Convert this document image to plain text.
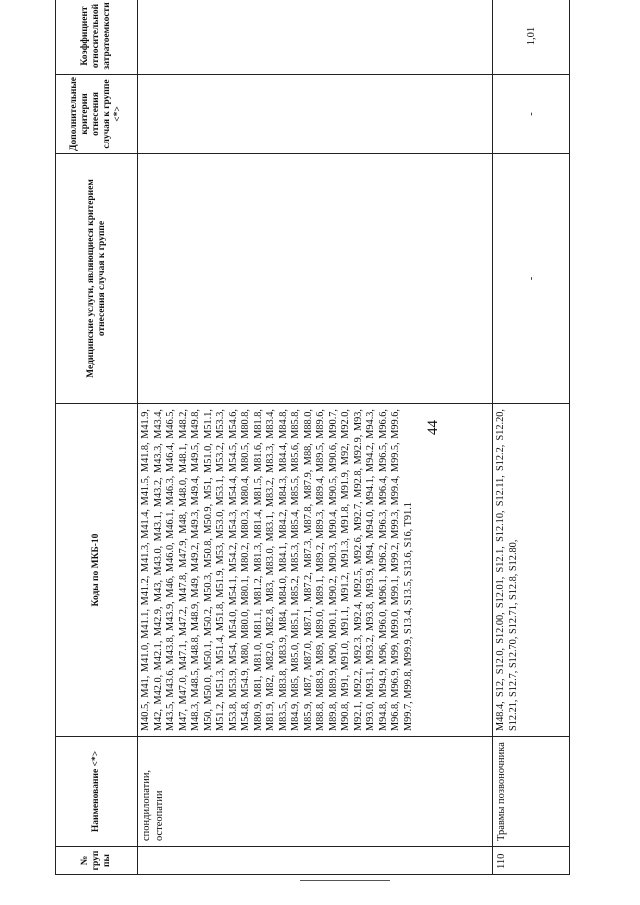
44
№ груп пы
Наименование <*>
Коды по МКБ-10
Медицинские услуги, являющиеся критерием отнесения случая к группе
Дополнительные критерии отнесения случая к группе <*>
Коэффициент относительной затратоемкости
спондилопатии, остеопатии
M40.5, M41, M41.0, M41.1, M41.2, M41.3, M41.4, M41.5, M41.8, M41.9, M42, M42.0, M42.1, M42.9, M43, M43.0, M43.1, M43.2, M43.3, M43.4, M43.5, M43.6, M43.8, M43.9, M46, M46.0, M46.1, M46.3, M46.4, M46.5, M47, M47.0, M47.1, M47.2, M47.8, M47.9, M48, M48.0, M48.1, M48.2, M48.3, M48.5, M48.8, M48.9, M49, M49.2, M49.3, M49.4, M49.5, M49.8, M50, M50.0, M50.1, M50.2, M50.3, M50.8, M50.9, M51, M51.0, M51.1, M51.2, M51.3, M51.4, M51.8, M51.9, M53, M53.0, M53.1, M53.2, M53.3, M53.8, M53.9, M54, M54.0, M54.1, M54.2, M54.3, M54.4, M54.5, M54.6, M54.8, M54.9, M80, M80.0, M80.1, M80.2, M80.3, M80.4, M80.5, M80.8, M80.9, M81, M81.0, M81.1, M81.2, M81.3, M81.4, M81.5, M81.6, M81.8, M81.9, M82, M82.0, M82.8, M83, M83.0, M83.1, M83.2, M83.3, M83.4, M83.5, M83.8, M83.9, M84, M84.0, M84.1, M84.2, M84.3, M84.4, M84.8, M84.9, M85, M85.0, M85.1, M85.2, M85.3, M85.4, M85.5, M85.6, M85.8, M85.9, M87, M87.0, M87.1, M87.2, M87.3, M87.8, M87.9, M88, M88.0, M88.8, M88.9, M89, M89.0, M89.1, M89.2, M89.3, M89.4, M89.5, M89.6, M89.8, M89.9, M90, M90.1, M90.2, M90.3, M90.4, M90.5, M90.6, M90.7, M90.8, M91, M91.0, M91.1, M91.2, M91.3, M91.8, M91.9, M92, M92.0, M92.1, M92.2, M92.3, M92.4, M92.5, M92.6, M92.7, M92.8, M92.9, M93, M93.0, M93.1, M93.2, M93.8, M93.9, M94, M94.0, M94.1, M94.2, M94.3, M94.8, M94.9, M96, M96.0, M96.1, M96.2, M96.3, M96.4, M96.5, M96.6, M96.8, M96.9, M99, M99.0, M99.1, M99.2, M99.3, M99.4, M99.5, M99.6, M99.7, M99.8, M99.9, S13.4, S13.5, S13.6, S16, T91.1
110
Травмы позвоночника
M48.4, S12, S12.0, S12.00, S12.01, S12.1, S12.10, S12.11, S12.2, S12.20, S12.21, S12.7, S12.70, S12.71, S12.8, S12.80,
-
-
1,01
